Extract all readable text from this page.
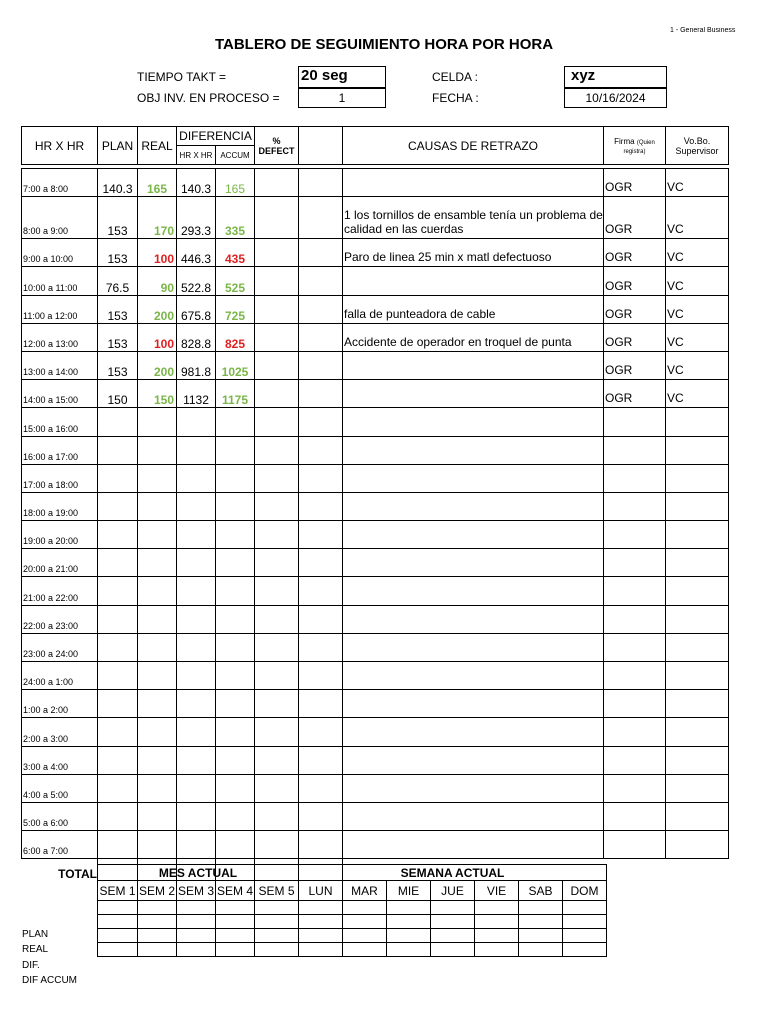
1 - General Business
TABLERO DE SEGUIMIENTO HORA POR HORA
TIEMPO TAKT =	20 seg
OBJ INV. EN PROCESO =	1
CELDA :	xyz
FECHA :	10/16/2024
HR X HR	PLAN	REAL	DIFERENCIA		% DEFECT		CAUSAS DE RETRAZO	Firma (Quien registra)	Vo.Bo.
Supervisor
			HR X HR	ACCUM					

7:00 a 8:00	140.3	165	140.3	165				OGR	VC
8:00 a 9:00	153	170	293.3	335			1 los tornillos de ensamble tenía un problema de calidad en las cuerdas	OGR	VC
9:00 a 10:00	153	100	446.3	435			Paro de linea 25 min x matl defectuoso	OGR	VC
10:00 a 11:00	76.5	90	522.8	525				OGR	VC
11:00 a 12:00	153	200	675.8	725			falla de punteadora de cable	OGR	VC
12:00 a 13:00	153	100	828.8	825			Accidente de operador en troquel de punta	OGR	VC
13:00 a 14:00	153	200	981.8	1025				OGR	VC
14:00 a 15:00	150	150	1132	1175				OGR	VC
15:00 a 16:00									
16:00 a 17:00									
17:00 a 18:00									
18:00 a 19:00									
19:00 a 20:00									
20:00 a 21:00									
21:00 a 22:00									
22:00 a 23:00									
23:00 a 24:00									
24:00 a 1:00									
1:00 a 2:00									
2:00 a 3:00									
3:00 a 4:00									
4:00 a 5:00									
5:00 a 6:00									
6:00 a 7:00									
TOTAL										MES ACTUAL					SEMANA ACTUAL						
SEM 1	SEM 2	SEM 3	SEM 4	SEM 5	LUN	MAR	MIE	JUE	VIE	SAB	DOM

PLAN
REAL
DIF.
DIF ACCUM
